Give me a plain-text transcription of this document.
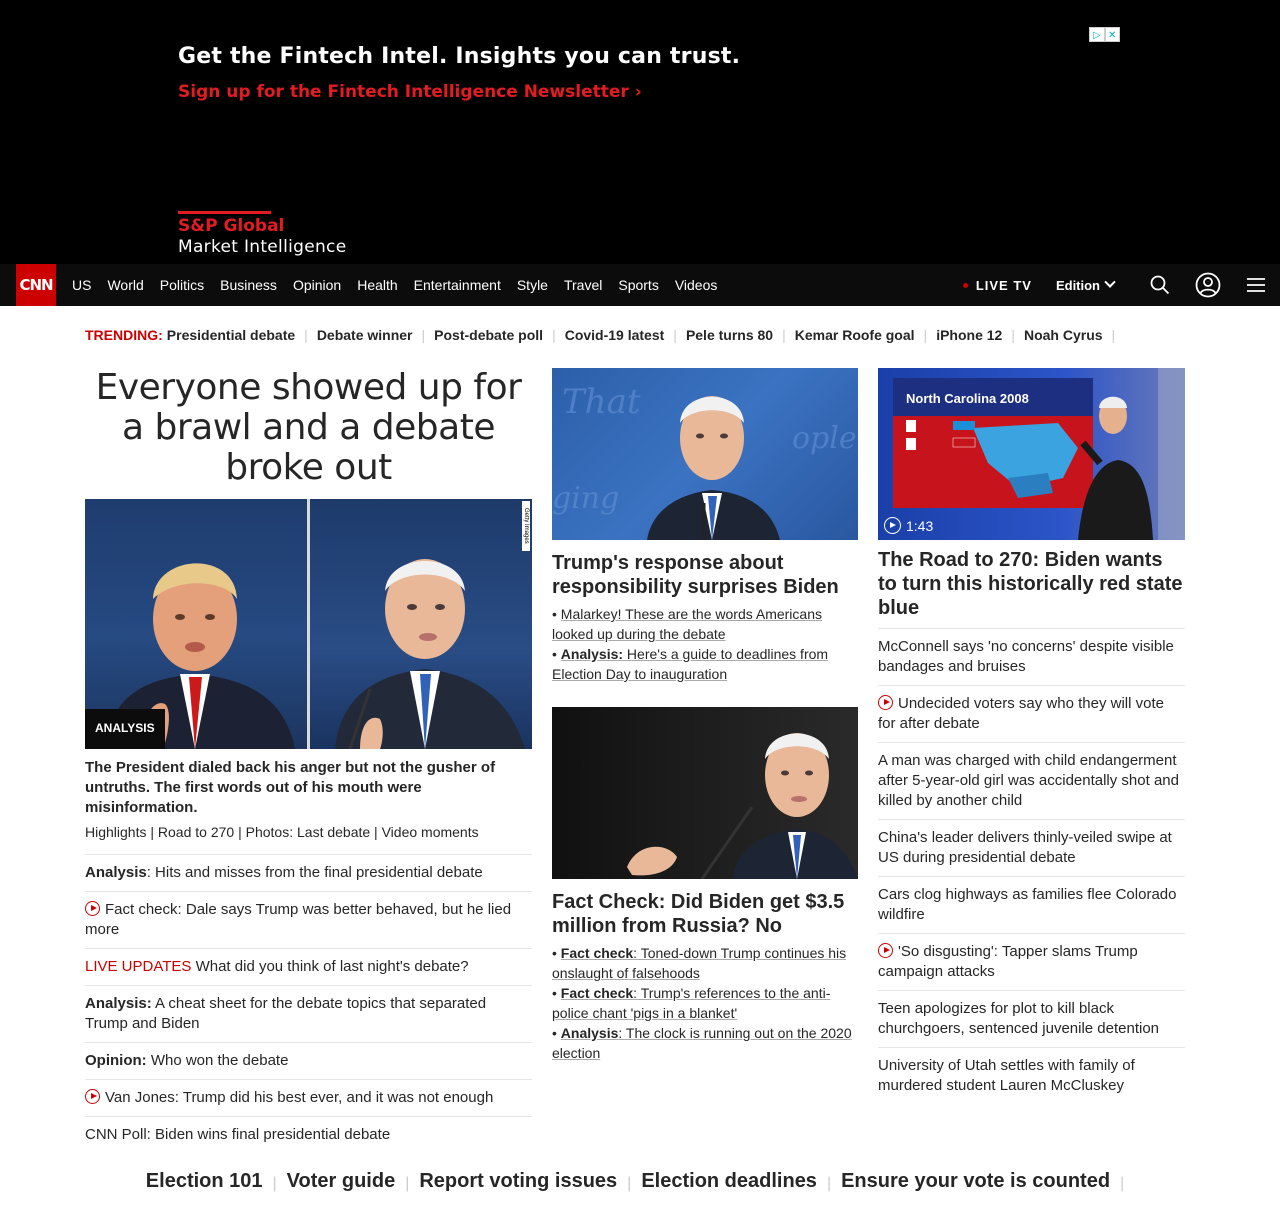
Get the Fintech Intel. Insights you can trust.
Sign up for the Fintech Intelligence Newsletter ›
▷ ✕
S&P Global
Market Intelligence
CNN	US	World	Politics	Business	Opinion	Health	Entertainment	Style	Travel	Sports	Videos	LIVE TV Edition
TRENDING: Presidential debate | Debate winner | Post-debate poll | Covid-19 latest | Pele turns 80 | Kemar Roofe goal | iPhone 12 | Noah Cyrus |
Everyone showed up for a brawl and a debate broke out
Getty Images
ANALYSIS
The President dialed back his anger but not the gusher of untruths. The first words out of his mouth were misinformation.
Highlights | Road to 270 | Photos: Last debate | Video moments
Analysis: Hits and misses from the final presidential debate
Fact check: Dale says Trump was better behaved, but he lied more
LIVE UPDATES What did you think of last night's debate?
Analysis: A cheat sheet for the debate topics that separated Trump and Biden
Opinion: Who won the debate
Van Jones: Trump did his best ever, and it was not enough
CNN Poll: Biden wins final presidential debate
That
ople
ging
Trump's response about responsibility surprises Biden
• Malarkey! These are the words Americans looked up during the debate
• Analysis: Here's a guide to deadlines from Election Day to inauguration
Fact Check: Did Biden get $3.5 million from Russia? No
• Fact check: Toned-down Trump continues his onslaught of falsehoods
• Fact check: Trump's references to the anti-police chant 'pigs in a blanket'
• Analysis: The clock is running out on the 2020 election
North Carolina 2008
1:43
The Road to 270: Biden wants to turn this historically red state blue
McConnell says 'no concerns' despite visible bandages and bruises
Undecided voters say who they will vote for after debate
A man was charged with child endangerment after 5-year-old girl was accidentally shot and killed by another child
China's leader delivers thinly-veiled swipe at US during presidential debate
Cars clog highways as families flee Colorado wildfire
'So disgusting': Tapper slams Trump campaign attacks
Teen apologizes for plot to kill black churchgoers, sentenced juvenile detention
University of Utah settles with family of murdered student Lauren McCluskey
Election 101 | Voter guide | Report voting issues | Election deadlines | Ensure your vote is counted |
